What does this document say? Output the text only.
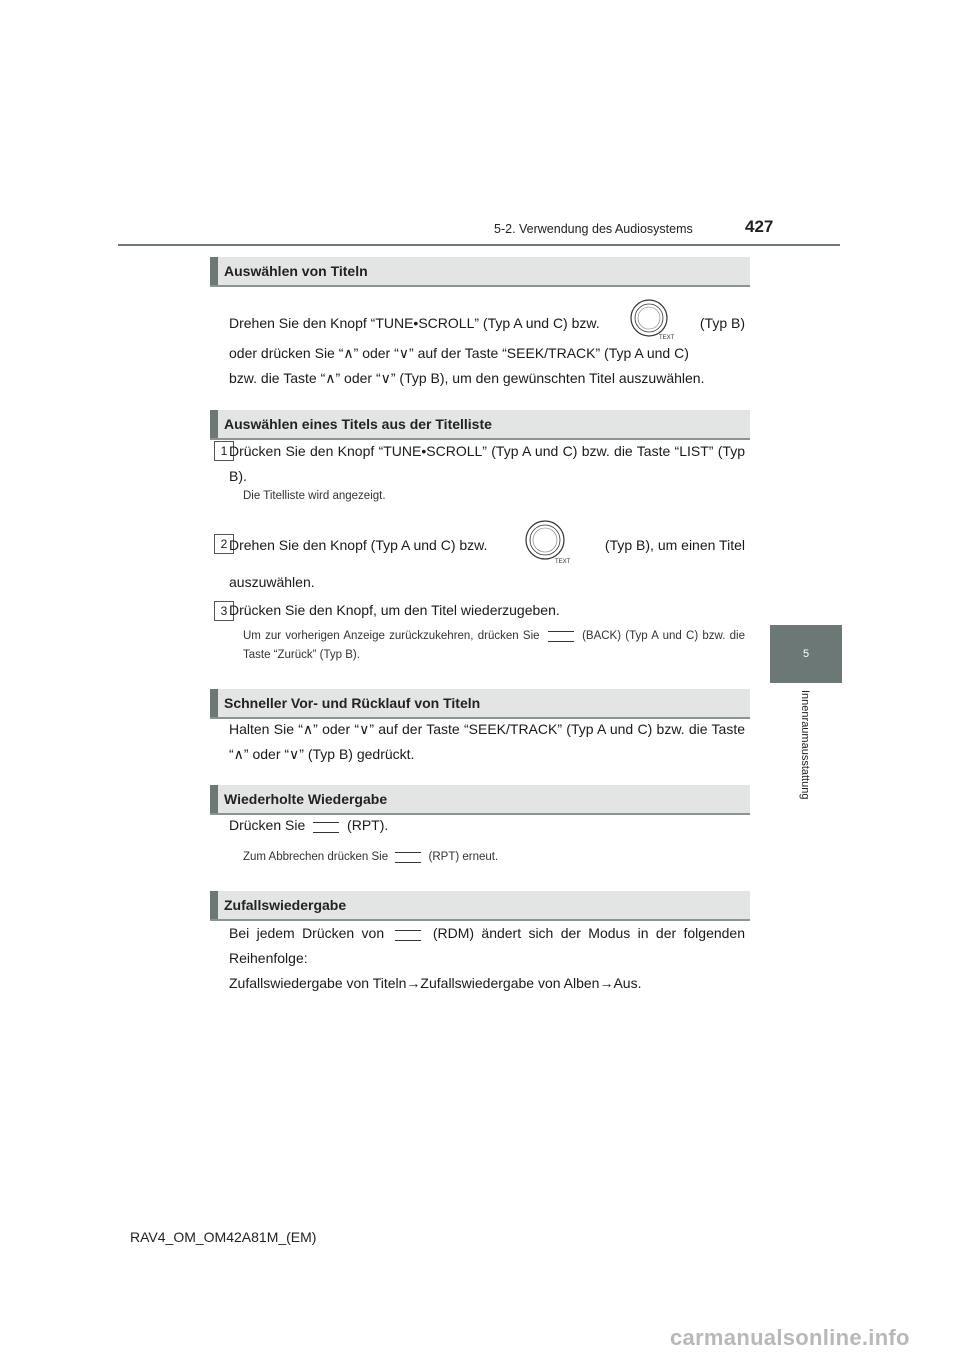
5-2. Verwendung des Audiosystems	427
5
Innenraumausstattung
Auswählen von Titeln
Drehen Sie den Knopf “TUNE•SCROLL” (Typ A und C) bzw.
TEXT
(Typ B)
oder drücken Sie “∧” oder “∨” auf der Taste “SEEK/TRACK” (Typ A und C)
bzw. die Taste “∧” oder “∨” (Typ B), um den gewünschten Titel auszuwählen.
Auswählen eines Titels aus der Titelliste
1 Drücken Sie den Knopf “TUNE•SCROLL” (Typ A und C) bzw. die Taste “LIST” (Typ B).
Die Titelliste wird angezeigt.
2 Drehen Sie den Knopf (Typ A und C) bzw.
TEXT
(Typ B), um einen Titel
auszuwählen.
3 Drücken Sie den Knopf, um den Titel wiederzugeben.
Um zur vorherigen Anzeige zurückzukehren, drücken Sie	(BACK) (Typ A und C) bzw. die Taste “Zurück” (Typ B).
Schneller Vor- und Rücklauf von Titeln
Halten Sie “∧” oder “∨” auf der Taste “SEEK/TRACK” (Typ A und C) bzw. die Taste “∧” oder “∨” (Typ B) gedrückt.
Wiederholte Wiedergabe
Drücken Sie	(RPT).
Zum Abbrechen drücken Sie	(RPT) erneut.
Zufallswiedergabe
Bei jedem Drücken von	(RDM) ändert sich der Modus in der folgenden Reihenfolge:
Zufallswiedergabe von Titeln→Zufallswiedergabe von Alben→Aus.
RAV4_OM_OM42A81M_(EM)
carmanualsonline.info
